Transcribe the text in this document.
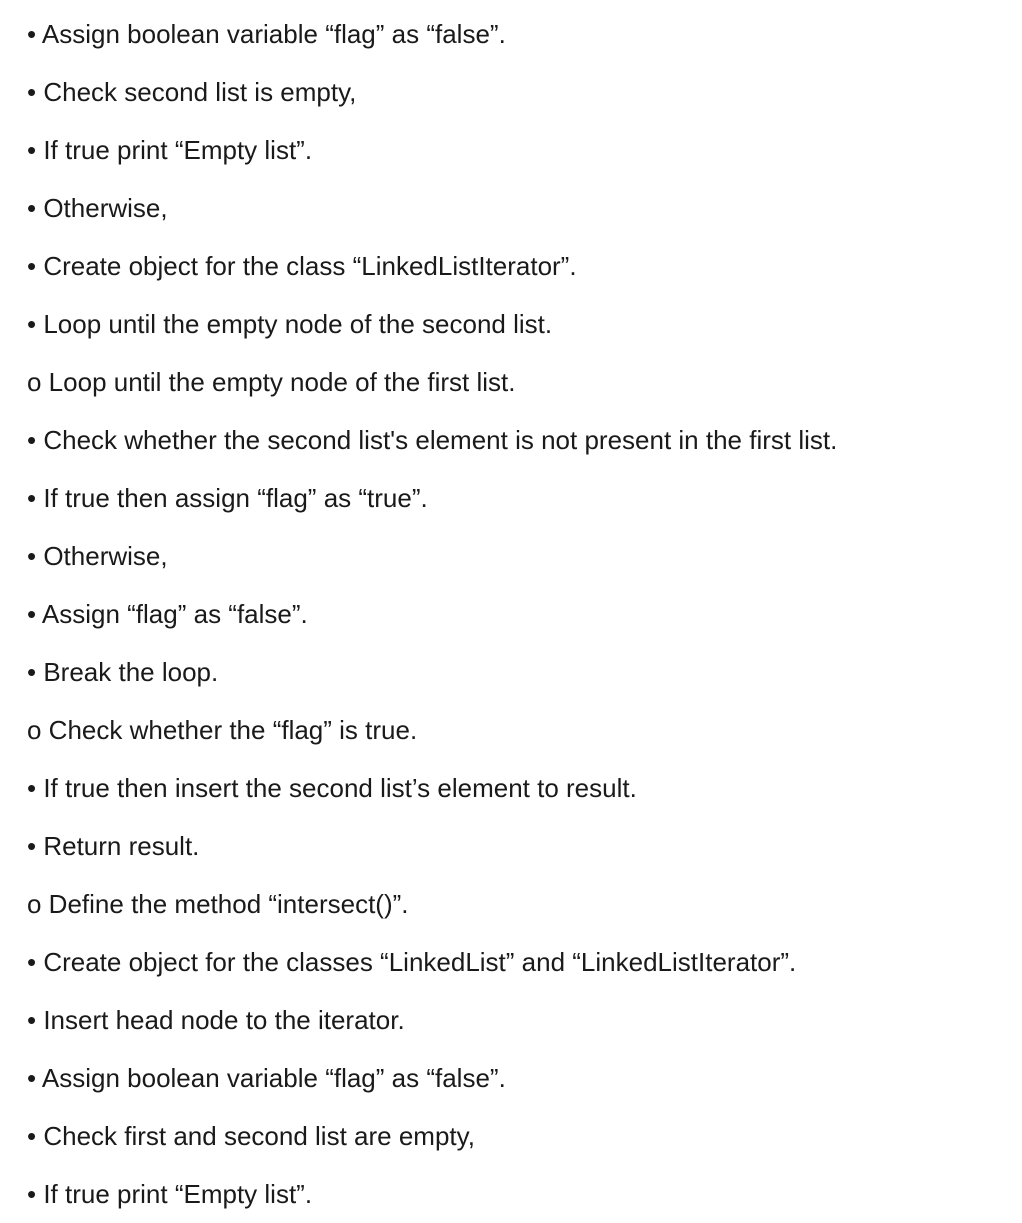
• Assign boolean variable “flag” as “false”.

• Check second list is empty,

• If true print “Empty list”.

• Otherwise,

• Create object for the class “LinkedListIterator”.

• Loop until the empty node of the second list.

o Loop until the empty node of the first list.

• Check whether the second list's element is not present in the first list.

• If true then assign “flag” as “true”.

• Otherwise,

• Assign “flag” as “false”.

• Break the loop.

o Check whether the “flag” is true.

• If true then insert the second list’s element to result.

• Return result.

o Define the method “intersect()”.

• Create object for the classes “LinkedList” and “LinkedListIterator”.

• Insert head node to the iterator.

• Assign boolean variable “flag” as “false”.

• Check first and second list are empty,

• If true print “Empty list”.
